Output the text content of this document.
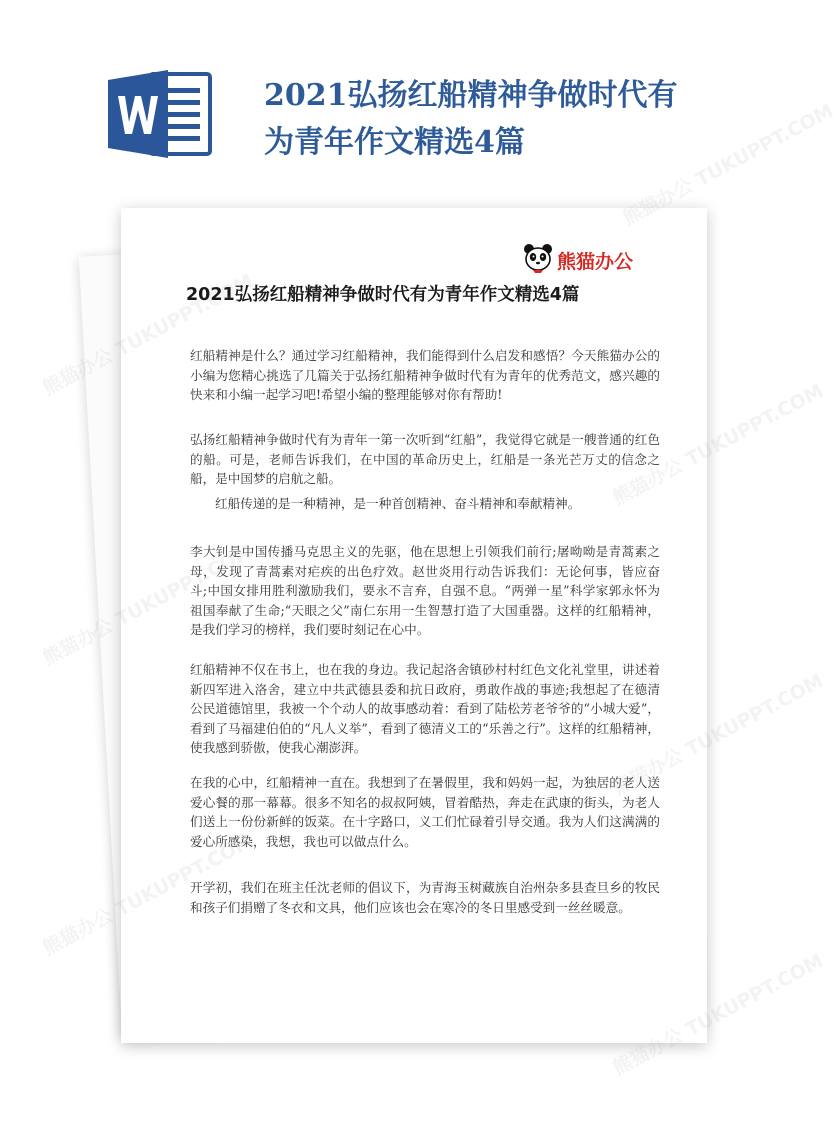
2021弘扬红船精神争做时代有为青年作文精选4篇
熊猫办公
2021弘扬红船精神争做时代有为青年作文精选4篇
红船精神是什么？通过学习红船精神，我们能得到什么启发和感悟？今天熊猫办公的小编为您精心挑选了几篇关于弘扬红船精神争做时代有为青年的优秀范文，感兴趣的快来和小编一起学习吧!希望小编的整理能够对你有帮助!
弘扬红船精神争做时代有为青年一第一次听到“红船”，我觉得它就是一艘普通的红色的船。可是，老师告诉我们，在中国的革命历史上，红船是一条光芒万丈的信念之船，是中国梦的启航之船。
红船传递的是一种精神，是一种首创精神、奋斗精神和奉献精神。
李大钊是中国传播马克思主义的先驱，他在思想上引领我们前行;屠呦呦是青蒿素之母，发现了青蒿素对疟疾的出色疗效。赵世炎用行动告诉我们：无论何事，皆应奋斗;中国女排用胜利激励我们，要永不言弃，自强不息。“两弹一星”科学家郭永怀为祖国奉献了生命;“天眼之父”南仁东用一生智慧打造了大国重器。这样的红船精神，是我们学习的榜样，我们要时刻记在心中。
红船精神不仅在书上，也在我的身边。我记起洛舍镇砂村村红色文化礼堂里，讲述着新四军进入洛舍，建立中共武德县委和抗日政府，勇敢作战的事迹;我想起了在德清公民道德馆里，我被一个个动人的故事感动着：看到了陆松芳老爷爷的“小城大爱”，看到了马福建伯伯的“凡人义举”，看到了德清义工的“乐善之行”。这样的红船精神，使我感到骄傲，使我心潮澎湃。
在我的心中，红船精神一直在。我想到了在暑假里，我和妈妈一起，为独居的老人送爱心餐的那一幕幕。很多不知名的叔叔阿姨，冒着酷热，奔走在武康的街头，为老人们送上一份份新鲜的饭菜。在十字路口，义工们忙碌着引导交通。我为人们这满满的爱心所感染，我想，我也可以做点什么。
开学初，我们在班主任沈老师的倡议下，为青海玉树藏族自治州杂多县查旦乡的牧民和孩子们捐赠了冬衣和文具，他们应该也会在寒冷的冬日里感受到一丝丝暖意。
熊猫办公 TUKUPPT.COM
熊猫办公
熊猫办公 TUKUPPT.COM
熊猫办公
熊猫办公 TUKUPPT.COM
熊猫办公
熊猫办公 TUKUPPT.COM
